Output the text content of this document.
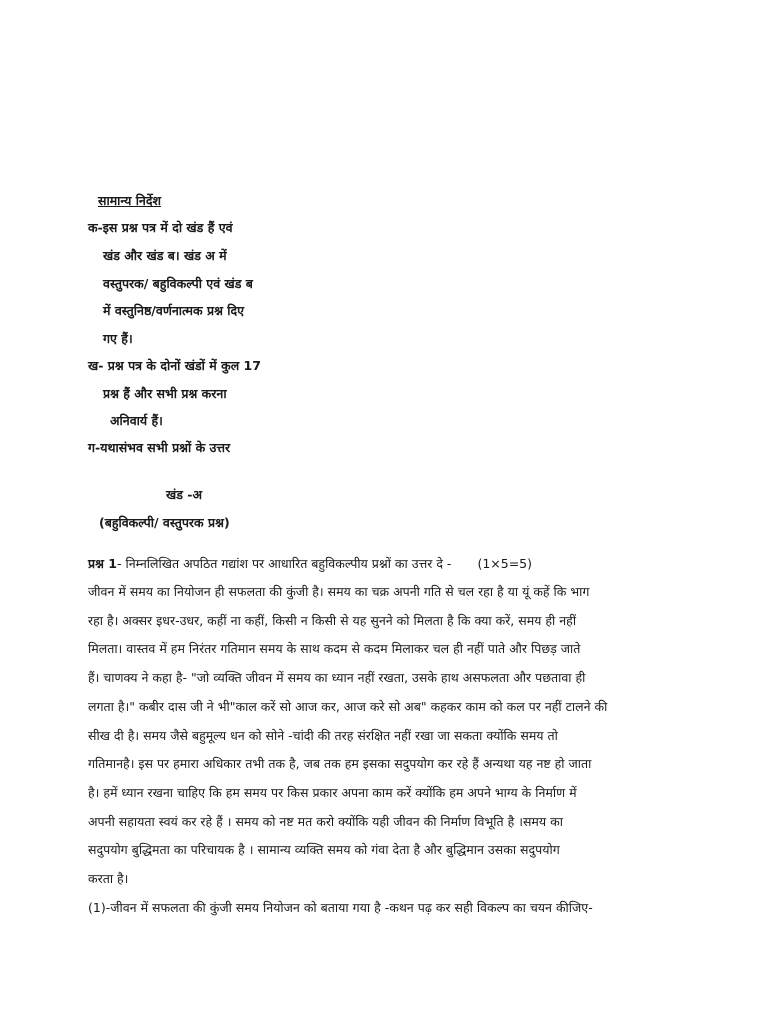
सामान्य निर्देश
क-इस प्रश्न पत्र में दो खंड हैं एवं
खंड और खंड ब। खंड अ में
वस्तुपरक/ बहुविकल्पी एवं खंड ब
में वस्तुनिष्ठ/वर्णनात्मक प्रश्न दिए
गए हैं।
ख- प्रश्न पत्र के दोनों खंडों में कुल 17
प्रश्न हैं और सभी प्रश्न करना
अनिवार्य हैं।
ग-यथासंभव सभी प्रश्नों के उत्तर
खंड -अ
(बहुविकल्पी/ वस्तुपरक प्रश्न)
प्रश्न 1- निम्नलिखित अपठित गद्यांश पर आधारित बहुविकल्पीय प्रश्नों का उत्तर दे - (1×5=5)
जीवन में समय का नियोजन ही सफलता की कुंजी है। समय का चक्र अपनी गति से चल रहा है या यूं कहें कि भाग
रहा है। अक्सर इधर-उधर, कहीं ना कहीं, किसी न किसी से यह सुनने को मिलता है कि क्या करें, समय ही नहीं
मिलता। वास्तव में हम निरंतर गतिमान समय के साथ कदम से कदम मिलाकर चल ही नहीं पाते और पिछड़ जाते
हैं। चाणक्य ने कहा है- "जो व्यक्ति जीवन में समय का ध्यान नहीं रखता, उसके हाथ असफलता और पछतावा ही
लगता है।" कबीर दास जी ने भी"काल करें सो आज कर, आज करे सो अब" कहकर काम को कल पर नहीं टालने की
सीख दी है। समय जैसे बहुमूल्य धन को सोने -चांदी की तरह संरक्षित नहीं रखा जा सकता क्योंकि समय तो
गतिमानहै। इस पर हमारा अधिकार तभी तक है, जब तक हम इसका सदुपयोग कर रहे हैं अन्यथा यह नष्ट हो जाता
है। हमें ध्यान रखना चाहिए कि हम समय पर किस प्रकार अपना काम करें क्योंकि हम अपने भाग्य के निर्माण में
अपनी सहायता स्वयं कर रहे हैं । समय को नष्ट मत करो क्योंकि यही जीवन की निर्माण विभूति है ।समय का
सदुपयोग बुद्धिमता का परिचायक है । सामान्य व्यक्ति समय को गंवा देता है और बुद्धिमान उसका सदुपयोग
करता है।
(1)-जीवन में सफलता की कुंजी समय नियोजन को बताया गया है -कथन पढ़ कर सही विकल्प का चयन कीजिए-
